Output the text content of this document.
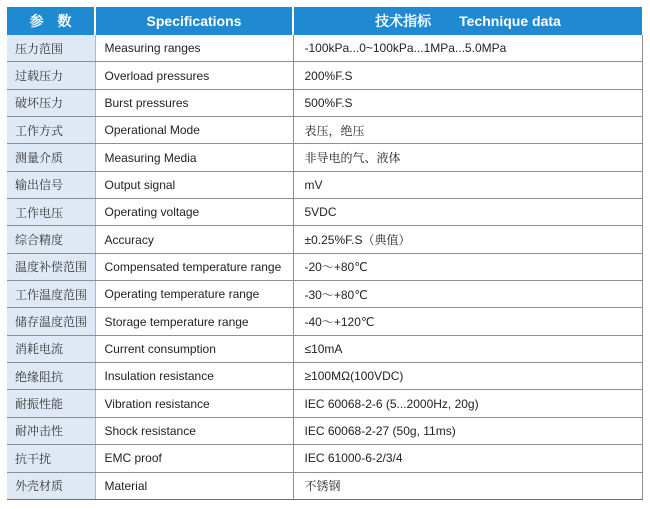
参数	Specifications	技术指标 Technique data
压力范围	Measuring ranges	-100kPa...0~100kPa...1MPa...5.0MPa
过载压力	Overload pressures	200%F.S
破坏压力	Burst pressures	500%F.S
工作方式	Operational Mode	表压，绝压
测量介质	Measuring Media	非导电的气、液体
输出信号	Output signal	mV
工作电压	Operating voltage	5VDC
综合精度	Accuracy	±0.25%F.S（典值）
温度补偿范围	Compensated temperature range	-20～+80℃
工作温度范围	Operating temperature range	-30～+80℃
储存温度范围	Storage temperature range	-40～+120℃
消耗电流	Current consumption	≤10mA
绝缘阻抗	Insulation resistance	≥100MΩ(100VDC)
耐振性能	Vibration resistance	IEC 60068-2-6 (5...2000Hz, 20g)
耐冲击性	Shock resistance	IEC 60068-2-27 (50g, 11ms)
抗干扰	EMC proof	IEC 61000-6-2/3/4
外壳材质	Material	不锈钢
